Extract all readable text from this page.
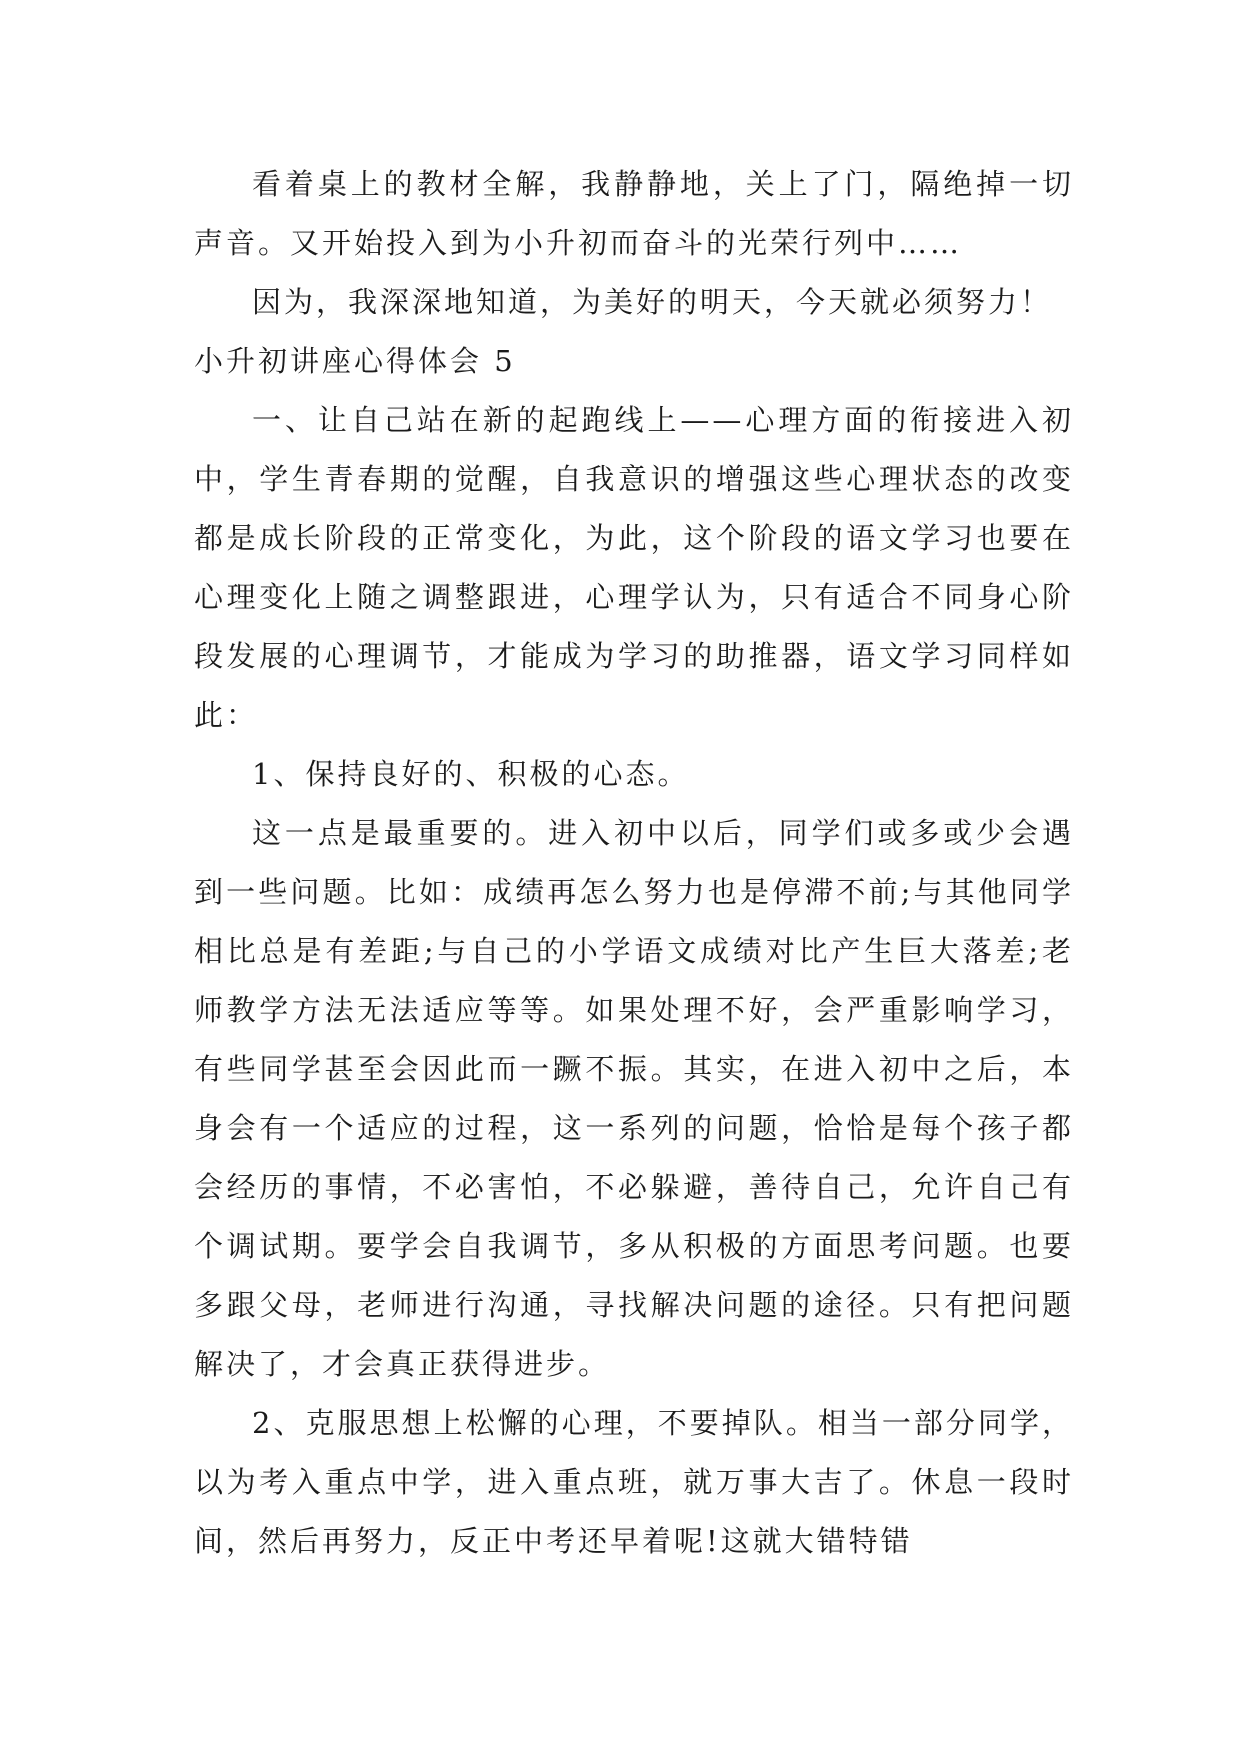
看着桌上的教材全解，我静静地，关上了门，隔绝掉一切声音。又开始投入到为小升初而奋斗的光荣行列中……

因为，我深深地知道，为美好的明天，今天就必须努力！

小升初讲座心得体会 5

一、让自己站在新的起跑线上——心理方面的衔接进入初中，学生青春期的觉醒，自我意识的增强这些心理状态的改变都是成长阶段的正常变化，为此，这个阶段的语文学习也要在心理变化上随之调整跟进，心理学认为，只有适合不同身心阶段发展的心理调节，才能成为学习的助推器，语文学习同样如此：

1、保持良好的、积极的心态。

这一点是最重要的。进入初中以后，同学们或多或少会遇到一些问题。比如：成绩再怎么努力也是停滞不前;与其他同学相比总是有差距;与自己的小学语文成绩对比产生巨大落差;老师教学方法无法适应等等。如果处理不好，会严重影响学习，有些同学甚至会因此而一蹶不振。其实，在进入初中之后，本身会有一个适应的过程，这一系列的问题，恰恰是每个孩子都会经历的事情，不必害怕，不必躲避，善待自己，允许自己有个调试期。要学会自我调节，多从积极的方面思考问题。也要多跟父母，老师进行沟通，寻找解决问题的途径。只有把问题解决了，才会真正获得进步。

2、克服思想上松懈的心理，不要掉队。相当一部分同学，以为考入重点中学，进入重点班，就万事大吉了。休息一段时间，然后再努力，反正中考还早着呢!这就大错特错
